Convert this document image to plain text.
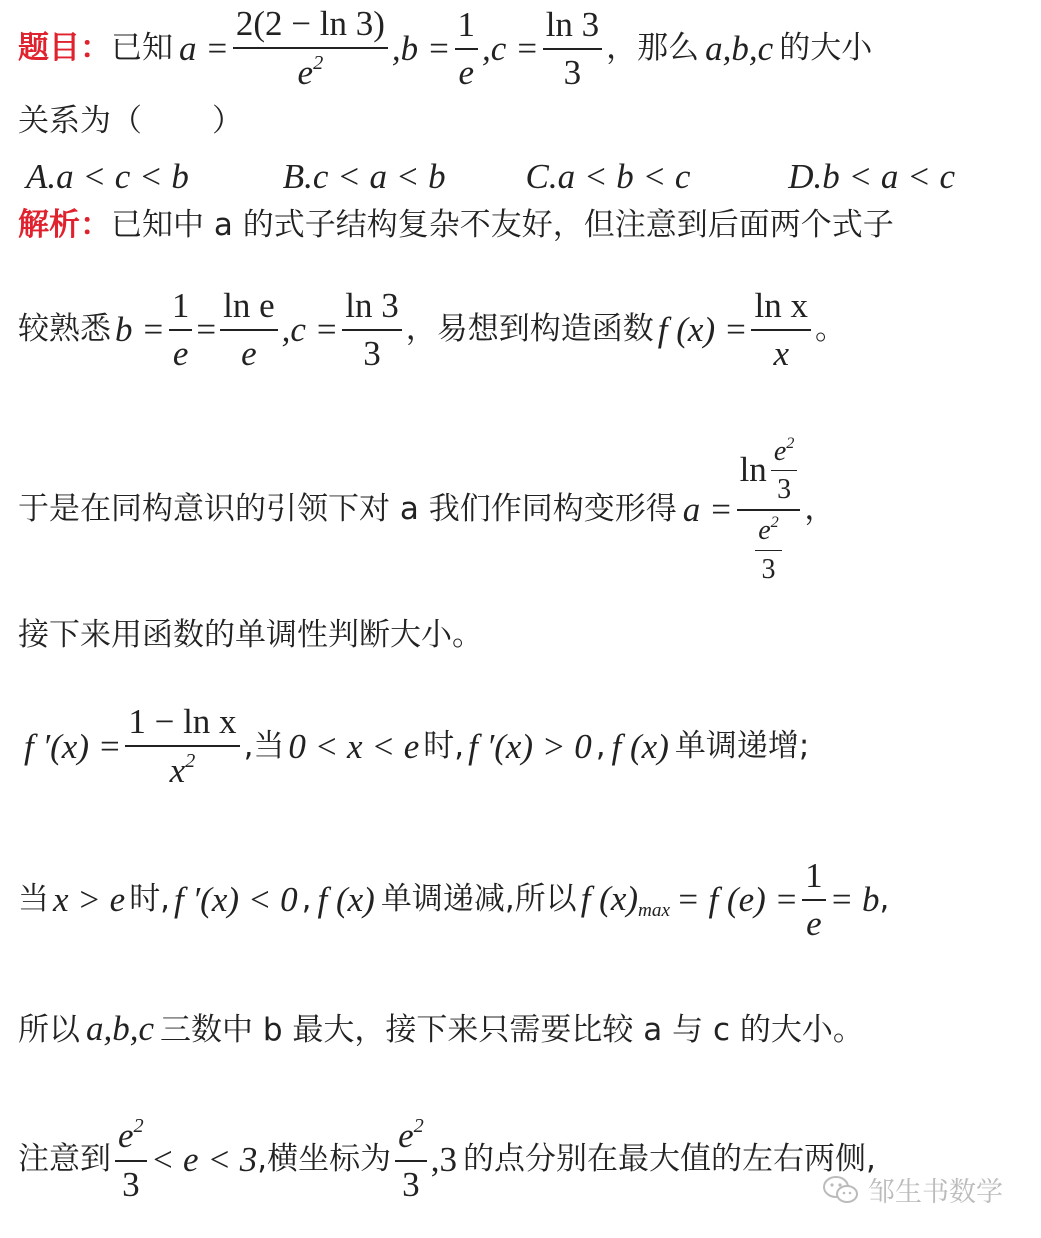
题目： 已知 $a = \frac{2(2 - \ln 3)}{e^2} ,b = \frac{1}{e} ,c = \frac{\ln 3}{3}$ ，那么 a,b,c 的大小
关系为（ ）
A.a < c < b	B.c < a < b C.a < b < c	D.b < a < c
解析：已知中 a 的式子结构复杂不友好，但注意到后面两个式子
较熟悉 $b = \frac{1}{e} = \frac{\text{ln e}}{e} ,c = \frac{\ln 3}{3}$ ，易想到构造函数 f $(x) = \frac{\text{ln x}}{x}$ 。
于是在同构意识的引领下对 a 我们作同构变形得 $a = \frac{\ln \frac{e^2}{3}}{\frac{e^2}{3}}$ ，
接下来用函数的单调性判断大小。
f $'(x) = \frac{\text{1 − ln x}}{x^2}$ ,当 0 < x < e 时, f ′(x) > 0 , f (x) 单调递增;
当 x > e 时, f ′(x) < 0 , f (x) 单调递减,所以 f $(x)_{max} = f$ $(e) = \frac{1}{e} = b$ ,
所以 a,b,c 三数中 b 最大，接下来只需要比较 a 与 c 的大小。
注意到 $\frac{e^2}{3} < e < 3$ ,横坐标为 $\frac{e^2}{3} ,3$ 的点分别在最大值的左右两侧,
邹生书数学
